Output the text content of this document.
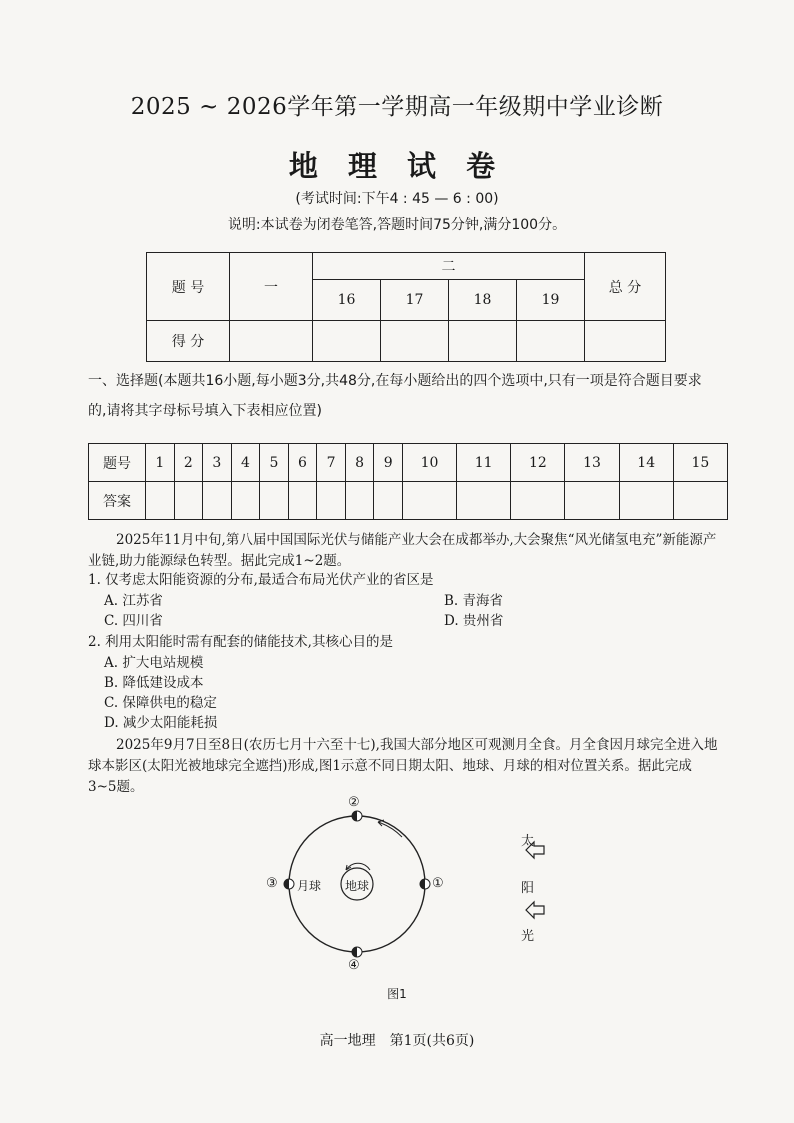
2025 ~ 2026学年第一学期高一年级期中学业诊断
地 理 试 卷
(考试时间:下午4 : 45 — 6 : 00)
说明:本试卷为闭卷笔答,答题时间75分钟,满分100分。
题 号	一	二				总 分
		16	17	18	19	
得 分						
一、选择题(本题共16小题,每小题3分,共48分,在每小题给出的四个选项中,只有一项是符合题目要求的,请将其字母标号填入下表相应位置)
题号	1	2	3	4	5	6	7	8	9	10	11	12	13	14	15
答案															
2025年11月中旬,第八届中国国际光伏与储能产业大会在成都举办,大会聚焦“风光储氢电充”新能源产业链,助力能源绿色转型。据此完成1~2题。
1. 仅考虑太阳能资源的分布,最适合布局光伏产业的省区是
A. 江苏省	B. 青海省
C. 四川省	D. 贵州省
2. 利用太阳能时需有配套的储能技术,其核心目的是
A. 扩大电站规模
B. 降低建设成本
C. 保障供电的稳定
D. 减少太阳能耗损
2025年9月7日至8日(农历七月十六至十七),我国大部分地区可观测月全食。月全食因月球完全进入地球本影区(太阳光被地球完全遮挡)形成,图1示意不同日期太阳、地球、月球的相对位置关系。据此完成3~5题。
②
④
③	①
月球 地球
太
阳
光
图1
高一地理　第1页(共6页)
